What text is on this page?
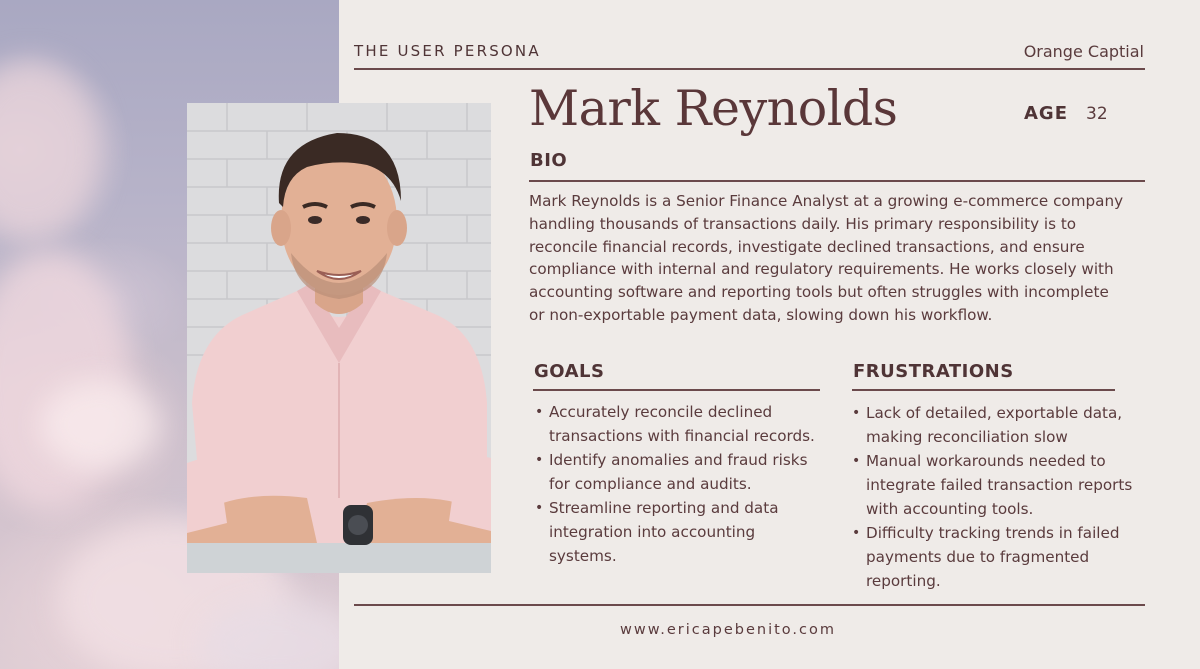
THE USER PERSONA	Orange Captial
Mark Reynolds	AGE 32
BIO
Mark Reynolds is a Senior Finance Analyst at a growing e-commerce company handling thousands of transactions daily. His primary responsibility is to reconcile financial records, investigate declined transactions, and ensure compliance with internal and regulatory requirements. He works closely with accounting software and reporting tools but often struggles with incomplete or non-exportable payment data, slowing down his workflow.
GOALS
• Accurately reconcile declined transactions with financial records.
• Identify anomalies and fraud risks for compliance and audits.
• Streamline reporting and data integration into accounting systems.
FRUSTRATIONS
• Lack of detailed, exportable data, making reconciliation slow
• Manual workarounds needed to integrate failed transaction reports with accounting tools.
• Difficulty tracking trends in failed payments due to fragmented reporting.
www.ericapebenito.com
